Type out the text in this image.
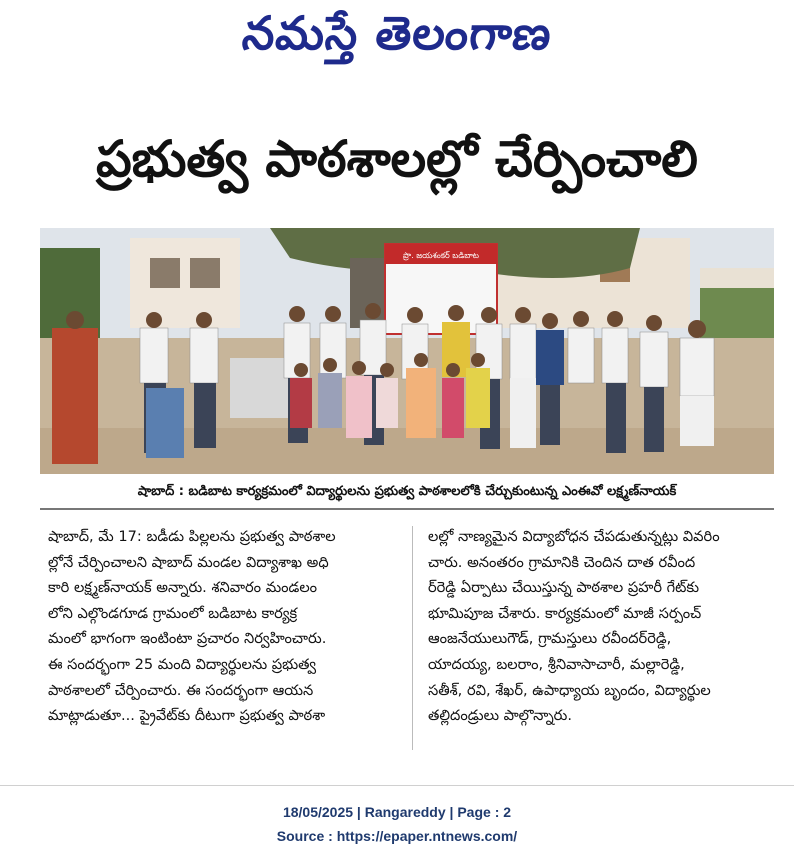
నమస్తే తెలంగాణ
ప్రభుత్వ పాఠశాలల్లో చేర్పించాలి
ప్రొ. జయశంకర్ బడిబాట
షాబాద్ : బడిబాట కార్యక్రమంలో విద్యార్థులను ప్రభుత్వ పాఠశాలలోకి చేర్చుకుంటున్న ఎంఈవో లక్ష్మణ్‌నాయక్
షాబాద్, మే 17: బడీడు పిల్లలను ప్రభుత్వ పాఠశాల
ల్లోనే చేర్పించాలని షాబాద్ మండల విద్యాశాఖ అధి
కారి లక్ష్మణ్‌నాయక్ అన్నారు. శనివారం మండలం
లోని ఎల్గొండగూడ గ్రామంలో బడిబాట కార్యక్ర
మంలో భాగంగా ఇంటింటా ప్రచారం నిర్వహించారు.
ఈ సందర్భంగా 25 మంది విద్యార్థులను ప్రభుత్వ
పాఠశాలలో చేర్పించారు. ఈ సందర్భంగా ఆయన
మాట్లాడుతూ... ప్రైవేట్‌కు దీటుగా ప్రభుత్వ పాఠశా
లల్లో నాణ్యమైన విద్యాబోధన చేపడుతున్నట్లు వివరిం
చారు. అనంతరం గ్రామానికి చెందిన దాత రవీంద
ర్‌రెడ్డి ఏర్పాటు చేయిస్తున్న పాఠశాల ప్రహరీ గేట్‌కు
భూమిపూజ చేశారు. కార్యక్రమంలో మాజీ సర్పంచ్
ఆంజనేయులుగౌడ్, గ్రామస్తులు రవీందర్‌రెడ్డి,
యాదయ్య, బలరాం, శ్రీనివాసాచారీ, మల్లారెడ్డి,
సతీశ్, రవి, శేఖర్, ఉపాధ్యాయ బృందం, విద్యార్థుల
తల్లిదండ్రులు పాల్గొన్నారు.
18/05/2025 | Rangareddy | Page : 2
Source : https://epaper.ntnews.com/
